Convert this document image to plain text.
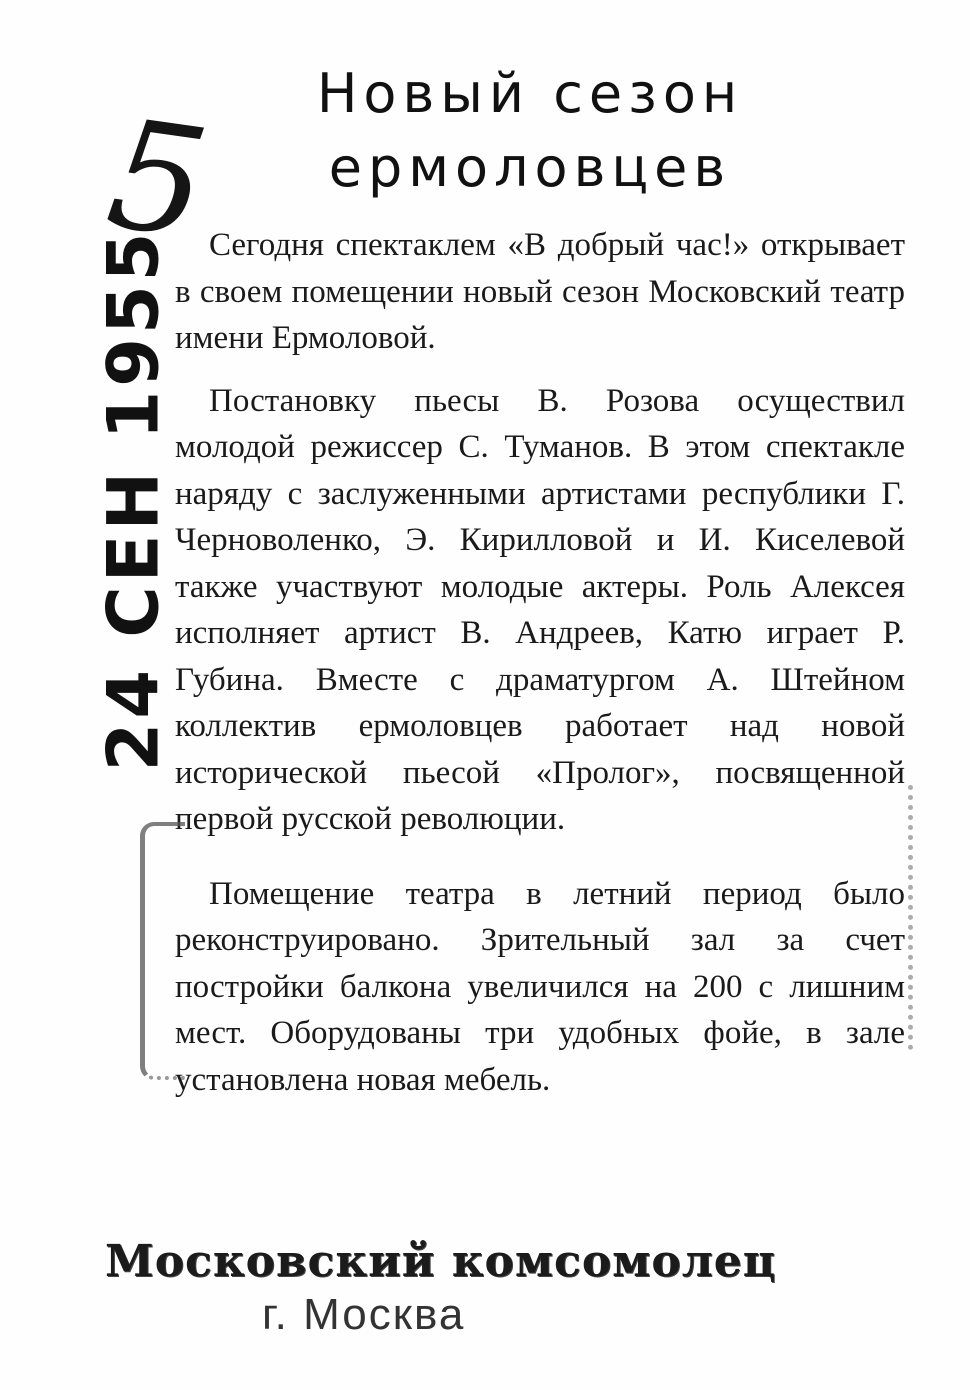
5	Новый сезон
ермоловцев
24 СЕН 1955	Сегодня спектаклем «В добрый час!» открывает в своем помещении новый сезон Московский театр имени Ермоловой.

Постановку пьесы В. Розова осуществил молодой режиссер С. Туманов. В этом спектакле наряду с заслуженными артистами республики Г. Черноволенко, Э. Кирилловой и И. Киселевой также участвуют молодые актеры. Роль Алексея исполняет артист В. Андреев, Катю играет Р. Губина. Вместе с драматургом А. Штейном коллектив ермоловцев работает над новой исторической пьесой «Пролог», посвященной первой русской революции.

Помещение театра в летний период было реконструировано. Зрительный зал за счет постройки балкона увеличился на 200 с лишним мест. Оборудованы три удобных фойе, в зале установлена новая мебель.

Московский комсомолец

г. Москва
